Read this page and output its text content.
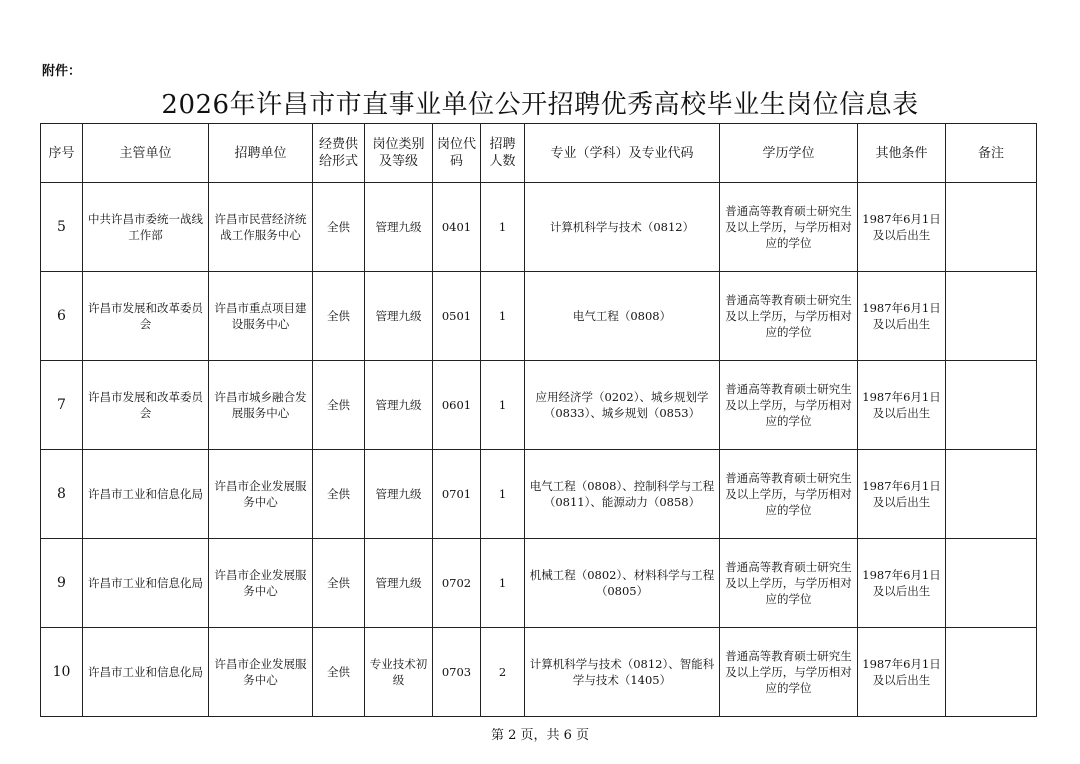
附件：
2026年许昌市市直事业单位公开招聘优秀高校毕业生岗位信息表
序号	主管单位	招聘单位	经费供给形式	岗位类别及等级	岗位代码	招聘人数	专业（学科）及专业代码	学历学位	其他条件	备注
5	中共许昌市委统一战线工作部	许昌市民营经济统战工作服务中心	全供	管理九级	0401	1	计算机科学与技术（0812）	普通高等教育硕士研究生及以上学历，与学历相对应的学位	1987年6月1日及以后出生	
6	许昌市发展和改革委员会	许昌市重点项目建设服务中心	全供	管理九级	0501	1	电气工程（0808）	普通高等教育硕士研究生及以上学历，与学历相对应的学位	1987年6月1日及以后出生	
7	许昌市发展和改革委员会	许昌市城乡融合发展服务中心	全供	管理九级	0601	1	应用经济学（0202）、城乡规划学（0833）、城乡规划（0853）	普通高等教育硕士研究生及以上学历，与学历相对应的学位	1987年6月1日及以后出生	
8	许昌市工业和信息化局	许昌市企业发展服务中心	全供	管理九级	0701	1	电气工程（0808）、控制科学与工程（0811）、能源动力（0858）	普通高等教育硕士研究生及以上学历，与学历相对应的学位	1987年6月1日及以后出生	
9	许昌市工业和信息化局	许昌市企业发展服务中心	全供	管理九级	0702	1	机械工程（0802）、材料科学与工程（0805）	普通高等教育硕士研究生及以上学历，与学历相对应的学位	1987年6月1日及以后出生	
10	许昌市工业和信息化局	许昌市企业发展服务中心	全供	专业技术初级	0703	2	计算机科学与技术（0812）、智能科学与技术（1405）	普通高等教育硕士研究生及以上学历，与学历相对应的学位	1987年6月1日及以后出生	
第 2 页，共 6 页
